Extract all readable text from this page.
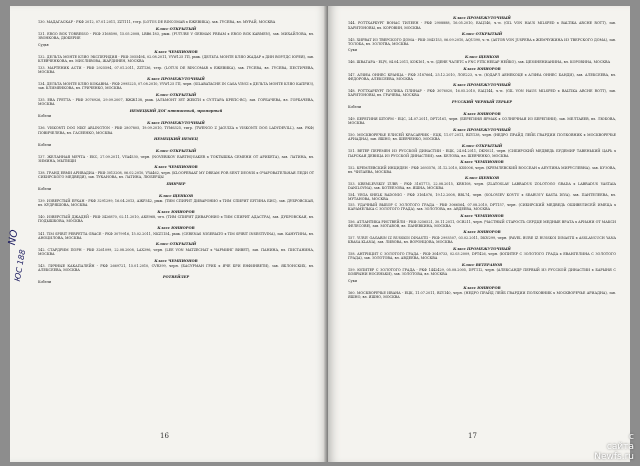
130. МАДАГАСКАР - РКФ 2012, 07.01.2011, ZZT111, тэтр. (LOTUS DE RINCOMAR x ЕЖЕВИКА), зав. ГУСЕВА, вл. МУРАЙ, МОСКВА
Класс ОТКРЫТЫЙ
131. ERGO BOX TORRESSO - РКФ 3168590, 15.05.2008, LBB6.183, рыж. (FUTURE V GERMAN FREAM x ERGO BOX KARMEN), зав. МИХАЙЛОВА, вл. ЗВОНКОВА, ДЮБЕРИЕ
Судья
Класс ЧЕМПИОНОВ
132. ДЕЛЬТА МОНТЕ КЛЯО ЭКСПЕРИДИЯ - РКФ 3055494, 02.08.2011, VYW125 ГП, рыж. (ДЕЛЬТА МОНТЕ КЛЯО ЖАДАР х ДИН ВОРЛДС ЮРЕЯ), зав. КЛЕВЧЕНКОВА, вл. МИСЛИВОВА, ЖАРДИНЕН, МОСКВА
133. МАРТЕНИК АСТИ - РКФ 2925594, 07.01.2011, ZZT136, тэтр. (LOTUS DE RINCOMAR x ЕЖЕВИКА), зав. ГУСЕВА, вл. ГУСЕВА, ПЕСТИЧЕВА, МОСКВА
Класс ПРОМЕЖУТОЧНЫЙ
134. ДЕЛЬТА МОНТЕ КЛЯО КОКАВНА - РКФ 2995225, 07.08.2010, VYW125 ГП, черн. (SILABATACHE IN CASA VINCI х ДЕЛЬТА МОНТЕ КЛЯО КАПРИЗ), зав. КЛИМЕНКОВА, вл. ГРИЧЕНКО, МОСКВА
Класс ОТКРЫТЫЙ
135. ЕВА ГРЕТТА - РКФ 3076926, 29.09.2007, ВЖЖ138, рыж. (АЛЬМОНТ ЗЕТ ЖЕКТИ х СУЛТАРА КРЕПС-ВС), зав. ГОРБАЧЕВА, вл. ГОРБАЧЕВА, МОСКВА
НЕМЕЦКИЙ ДОГ пятнистый, мраморный
Кобели
Класс ПРОМЕЖУТОЧНЫЙ
136. VISKONTI DOG NIKY ARLINGTON - РКФ 2807805, 19.09.2010, TYM6325, тигр. (TWENGO Z JAGUIZA x VISKONTI DOG LADYDEVILL), зав. РКФ/ПОВИЧЕЛЕВА, вл. ГАСЕЕНКО, МОСКВА
НЕМЕЦКИЙ НЕМЕЦ
Кобели
Класс ОТКРЫТЫЙ
137. ЖЕЛАННАЯ МЕЧТА - ЕКС, 27.09.2011, VYA4530, черн. (NOVERIKOV EARTHQUAKER x ТОКТЫШКА СЕМЕНИ ОТ АРИБЕТА), зав. ЛАТИНА, вл. ЗИМИНА, МЫТИЩИ
Класс ЧЕМПИОНОВ
138. ГРАНД ЕВМИ АРИВАДИА - РКФ 3013208, 06.02.2010, VYA462, черн. (KLOOPERAAT MY DREAM FOR SENT DEONIS x ОЧАРОВАТЕЛЬНАЯ ЛЕДИ ОТ СИБИРСКОГО МЕДВЕДЯ), зав. ТУКАНОВА, вл. ЛАТИНА, ЛЮБЕРЦЫ
ПИНЧЕР
Кобели
Класс ЩЕНКОВ
139. ИЗВЕРСТЫЙ ЕРХАН - РКФ 3291299, 16.04.2013, АЖР342, рыж. (ТИМ СПИРИТ ДИВАРОНИО х ТИМ СПИРИТ БУГИНА БИС), зав. ДУБРОВСКАЯ, вл. КУДРЯШОВА, МОСКВА
Класс ЮНИОРОВ
140. ИЗВЕРСТЫЙ ДЖАДЕЙ - РКФ 3426870, 02.11.2010, АКЕ968, чтч. (ТИМ СПИРИТ ДИВАРОНИО х ТИМ СПИРИТ АДАСТРА), зав. ДУБРОВСКАЯ, вл. ПОДЫШКОВА, МОСКВА
Класс ЮНИОРОВ
141. TIM SPIRIT PERFETTA GRACE - РКФ 3079916, 15.02.2011, NKZ1154, рыж. (CERENAS NIGERIATO x TIM SPIRIT INSESTIVINA), зав. КАНУГИНА, вл. АНОЦИЛОВА, МОСКВА
Класс ОТКРЫТЫЙ
142. СТАРДРИМ ПОРН - РКФ 3261099, 22.08.2008, LAX396, черн. (LEE VON MATZECHAT x ЧАРМИНГ ВИВЕТ), зав. ПАНИНА, вл. ПИСТАНИНА, МОСКВА
Класс ЧЕМПИОНОВ
143. ЛИЧНЫЕ КАКАПАЛЕЙН - РКФ 2669721, 15.01.2010, CVR399, черн. (БАСУРМАН ГРИБ х ЯЧЕ БРИ ЕНФИНВЕТИ), зав. ЯБЛОНСКИХ, вл. АЛЕКСЕЕВА, МОСКВА
РОТВЕЙЛЕР
Кобели
16
Класс ПРОМЕЖУТОЧНЫЙ
144. РОТТХАРБУРГ ВОНАС ТИЛЕЕН - РКФ 2908888, 16.05.2010, ЕАЦ146, ч.-п. (GIL VON HAUS MILSPED x BALTIKA ARCHE ROTT), зав. ХАРИТОНОВЫ, вл. КОРОВИН, МОСКВА
Класс ОТКРЫТЫЙ
145. ХИРВАТ ИЗ ТВЕРСКОГО ДОМА - РКФ 3043153, 06.09.2010, AQU390, ч.-п. (ASTOR VON JUSPERA x ЖЕМЧУЖИНА ИЗ ТВЕРСКОГО ДОМА), зав. ТОЛОБА, вл. ЗОЛОТВА, МОСКВА
Суки
Класс ЩЕНКОВ
146. ШВАГАРА - ЕЦЧ, 04.04.2011, KOК161, ч.-п. (ДЕНЕ ЧАЛЕТС х FNC FITK НЕБАР НЕЙКО), зав. ЦЕЗИНЕНИАНИНА, вл. КОРОВИНА, МОСКВА
Класс ЮНИОРОВ
147. АЛФЕА ОННЕС КРАНЦА - РКФ 3187664, 25.12.2010, ЛОЕ223, ч.-п. (ЮДАРЛ АЕНЕКОЦЕ х АЛФЕА ОННЕС БАНДИ), зав. АЛЕКСЕЕВА, вл. ФЕДОРОВА, АЛЕКСЕЕВА, МОСКВА
Класс ПРОМЕЖУТОЧНЫЙ
148. РОТТХАРБУРГ ПОЛИКА ПЛИНАР - РКФ 3076020, 16.05.2010, EAЦ144, ч.-п. (GIL VON HAUS MILSPED x BALTIKA ARCHE ROTT), зав. ХАРИТОНОВЫ, вл. ГРАЧЕВА, МОСКВА
РУССКИЙ ЧЕРНЫЙ ТЕРЬЕР
Кобели
Класс ЮНИОРОВ
149. БЕРЕГИНЯ ШТОРМ - ЕЦС, 24.07.2011, DFT2161, черн. (БЕРЕГИНЯ ЯРМАК х СОЛНЕЧНАЯ ИЗ БЕРЕГИНИ), зав. МЕЛТАЯЕВ, вл. ЛЮБОВА, МОСКВА
Класс ПРОМЕЖУТОЧНЫЙ
150. МОСКВОРЕЧЬЕ ЕЛИСЕЙ КРАСАВЧИК - ЕЦК, 11.07.2011, BZY138, черн. (НЕДРО ПРАЙД ЛЕЙБ ГВАРДИИ ПОЛКОВНИК х МОСКВОРЕЧЬЕ АРИАДНА), зав. ЯШНО, вл. ШЕВЧЕНКО, МОСКВА
Класс ОТКРЫТЫЙ
151. ВЕТЕР ПЕРЕМЕН ИЗ РУССКОЙ ДИНАСТИИ - ЕЦК, 24.04.2011, DKN021, черн. (СИБИРСКИЙ МЕДВЕДЬ БУДЕМИР ТАВЕНЬКИЙ ЦАРЬ х ПАРСКАЯ ДЕВИЦА ИЗ РУССКОЙ ДИНАСТИИ), зав. БЕЛОВА, вл. ШЕВЧЕНКО, МОСКВА
Класс ЧЕМПИОНОВ
152. КРЕМЛЕВСКИЙ ИНЦИДЕН - РКФ 2693576, 31.12.2010, KSS006, черн. (КРЕМЛЕВСКИЙ ВОССЕАН х АЕУЛИНА МИРУСЛЕВНА), зав. КУЗОВА, вл. ЧИЛАЕВА, МОСКВА
Класс ЩЕНКОВ
153. KREMLEVSKIY ZUBR - РКФ 3161773, 22.08.2015, KRR108, черн. (ZLATOSLAV LABRADUS ZOLOTOGO GRADA х LABRADUS VASTAIA DANILOVNA), зав. КОТЕЕЗОВА, вл. ЯШНА, МОСКВА
154. VEGA SHELK RADONIG - РКФ 3164076, 19.12.2008, BBL74, черн. (SOLOVIEV KOVTU х SEARUS'Y KASTA DIVA), зав. ПАНТЕЛЕЕВА, вл. МУТАНОВА, МОСКВА
155. УДАЧНЫЙ ВЫБОР С ЗОЛОТОГО ГРАДА - РКФ 3066564, 07.08.2010, DPT157, черн. (СИБИРСКИЙ МЕДВЕДЬ ОШИВЕЛИСЕЙ ИМЕЦА х КАРАМЕЛЬКА С ЗОЛОТОГО ГРАДА), зав. ЗОЛОТОВА, вл. АВДЕЕВА, МОСКВА
Класс ЧЕМПИОНОВ
156. АТЛАНТИКА РИСТВЕЙЛИ - РКФ 3256521, 30.11.2011, ОСВ211, черн. (ЧАСТНЫЙ СТАРОСТЬ СЕРДЦЕ МЕДНЫЕ ВРАТА х АРИАНИ ОТ МАКСИ ФЕЛЕСОВЕ), зав. МОТАВОВ, вл. ПАНЕВКИНА, МОСКВА
Класс ЮНИОРОВ
157. YURIY GAGARIN IZ RUSSKOI DINASTII - РКФ 2993507, 03.02.2011, DKN299, черн. (PAVEL BURE IZ RUSSKOI DINASTII x ASSLANCUCH YANA KRASA KLANA), зав. ЛИВОВА, вл. ВОРОНЦОВА, МОСКВА
Класс ПРОМЕЖУТОЧНЫЙ
158. АНТРИЦИТ С ЗОЛОТОГО ГРАДА - РКФ 3049733, 02.03.2009, DPT426, черн. (ЮПИТЕР С ЗОЛОТОГО ГРАДА х ЕВАНГЕЛИНА С ЗОЛОТОГО ГРАДА), зав. ЗОЛОТОВА, вл. АВДЕЕВА, МОСКВА
Класс ВЕТЕРАНОВ
159. ЮПИТЕР С ЗОЛОТОГО ГРАДА - РКФ 1442429, 05.08.2005, DPT112, черн. (АЛЕКСАНДР ПЕРВЫЙ ИЗ РУССКОЙ ДИНАСТИИ х БАРЫНЯ С БОЯРЫНИ НОСЕНЬКИ), зав. ЗОЛОТОВА, вл. МОСКВА
Суки
Класс ЮНИОРОВ
160. МОСКВОРЕЧЬЕ ИВАНА - ЕЦК, 11.07.2011, BZY140, черн. (НЕДРО ПРАЙД ЛЕЙБ ГВАРДИИ ПОЛКОВНИК х МОСКВОРЕЧЬЕ АРИАДНА), зав. ЯШНО, вл. ЯШНО, МОСКВА
17
NO
ЮС 188
с
сайта
Newfs.ru
